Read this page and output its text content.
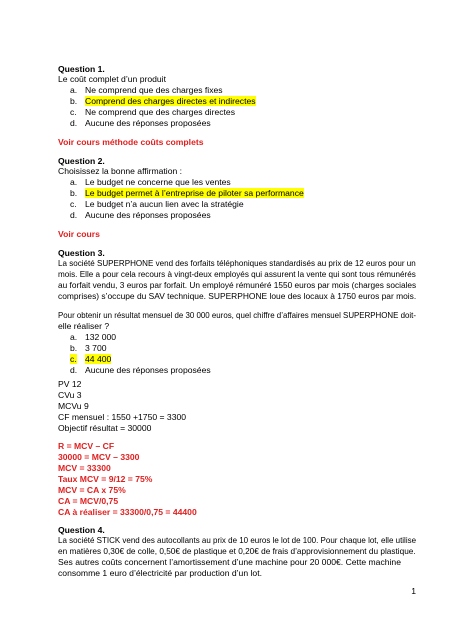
Question 1.
Le coût complet d’un produit
a. Ne comprend que des charges fixes
b. Comprend des charges directes et indirectes
c. Ne comprend que des charges directes
d. Aucune des réponses proposées
Voir cours méthode coûts complets
Question 2.
Choisissez la bonne affirmation :
a. Le budget ne concerne que les ventes
b. Le budget permet à l’entreprise de piloter sa performance
c. Le budget n’a aucun lien avec la stratégie
d. Aucune des réponses proposées
Voir cours
Question 3.
La société SUPERPHONE vend des forfaits téléphoniques standardisés au prix de 12 euros pour un
mois. Elle a pour cela recours à vingt-deux employés qui assurent la vente qui sont tous rémunérés
au forfait vendu, 3 euros par forfait. Un employé rémunéré 1550 euros par mois (charges sociales
comprises) s’occupe du SAV technique. SUPERPHONE loue des locaux à 1750 euros par mois.
Pour obtenir un résultat mensuel de 30 000 euros, quel chiffre d’affaires mensuel SUPERPHONE doit-
elle réaliser ?
a. 132 000
b. 3 700
c. 44 400
d. Aucune des réponses proposées
PV 12
CVu 3
MCVu 9
CF mensuel : 1550 +1750 = 3300
Objectif résultat = 30000
R = MCV – CF
30000 = MCV – 3300
MCV = 33300
Taux MCV = 9/12 = 75%
MCV = CA x 75%
CA = MCV/0,75
CA à réaliser = 33300/0,75 = 44400
Question 4.
La société STICK vend des autocollants au prix de 10 euros le lot de 100. Pour chaque lot, elle utilise
en matières 0,30€ de colle, 0,50€ de plastique et 0,20€ de frais d’approvisionnement du plastique.
Ses autres coûts concernent l’amortissement d’une machine pour 20 000€. Cette machine
consomme 1 euro d’électricité par production d’un lot.
1
